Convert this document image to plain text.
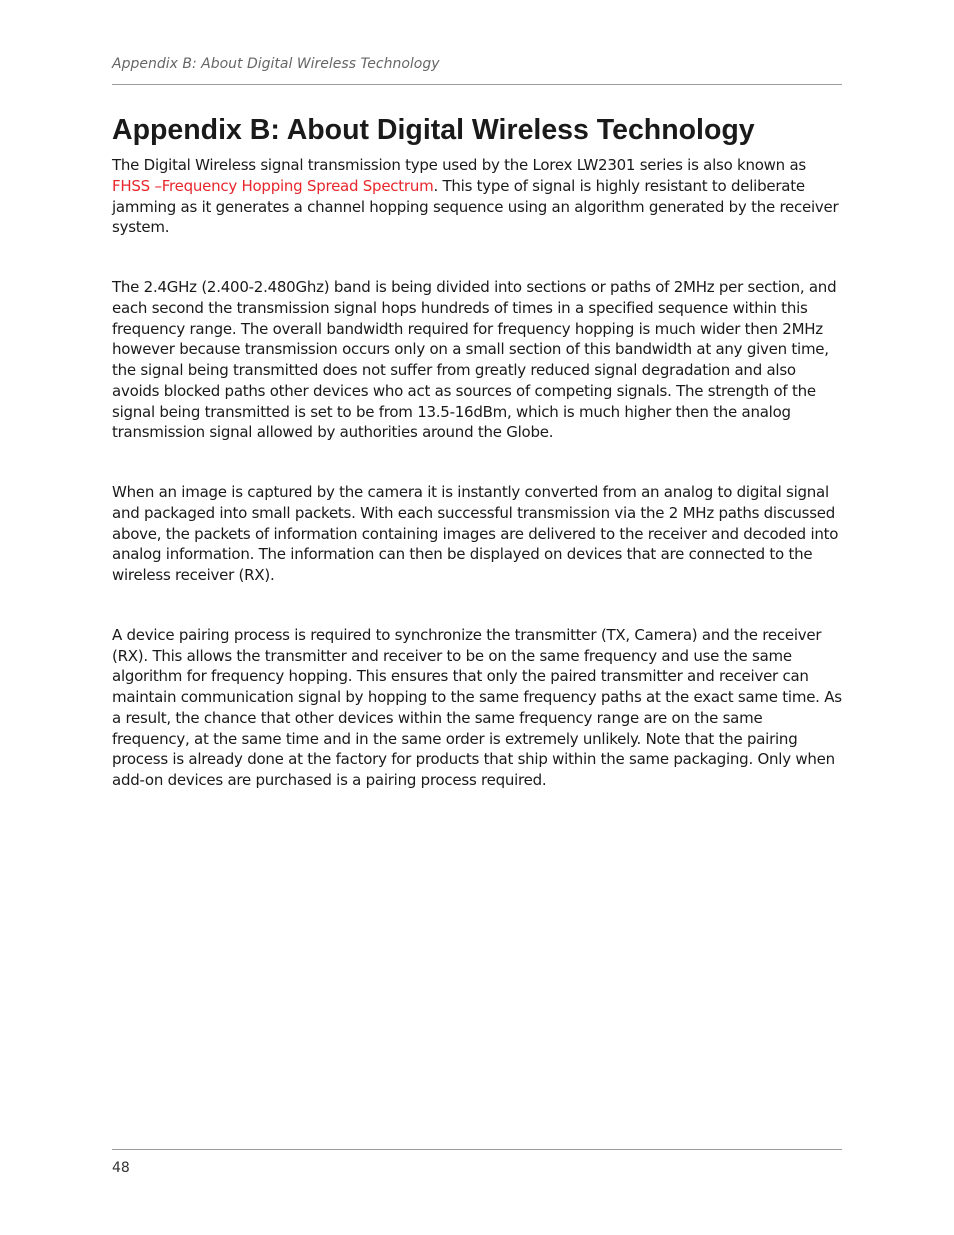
Appendix B: About Digital Wireless Technology
Appendix B: About Digital Wireless Technology

The Digital Wireless signal transmission type used by the Lorex LW2301 series is also known as FHSS –Frequency Hopping Spread Spectrum. This type of signal is highly resistant to deliberate jamming as it generates a channel hopping sequence using an algorithm generated by the receiver system.

The 2.4GHz (2.400-2.480Ghz) band is being divided into sections or paths of 2MHz per section, and each second the transmission signal hops hundreds of times in a specified sequence within this frequency range. The overall bandwidth required for frequency hopping is much wider then 2MHz however because transmission occurs only on a small section of this bandwidth at any given time, the signal being transmitted does not suffer from greatly reduced signal degradation and also avoids blocked paths other devices who act as sources of competing signals. The strength of the signal being transmitted is set to be from 13.5-16dBm, which is much higher then the analog transmission signal allowed by authorities around the Globe.

When an image is captured by the camera it is instantly converted from an analog to digital signal and packaged into small packets. With each successful transmission via the 2 MHz paths discussed above, the packets of information containing images are delivered to the receiver and decoded into analog information. The information can then be displayed on devices that are connected to the wireless receiver (RX).

A device pairing process is required to synchronize the transmitter (TX, Camera) and the receiver (RX). This allows the transmitter and receiver to be on the same frequency and use the same algorithm for frequency hopping. This ensures that only the paired transmitter and receiver can maintain communication signal by hopping to the same frequency paths at the exact same time. As a result, the chance that other devices within the same frequency range are on the same frequency, at the same time and in the same order is extremely unlikely. Note that the pairing process is already done at the factory for products that ship within the same packaging. Only when add-on devices are purchased is a pairing process required.

48
